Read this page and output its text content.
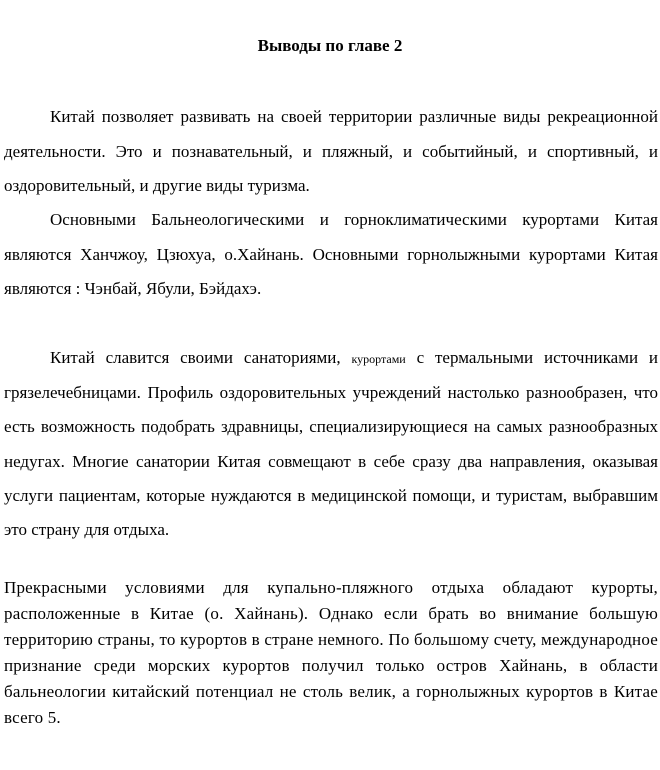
Выводы по главе 2
Китай позволяет развивать на своей территории различные виды рекреационной деятельности. Это и познавательный, и пляжный, и событийный, и спортивный, и оздоровительный, и другие виды туризма.
Основными Бальнеологическими и горноклиматическими курортами Китая являются Ханчжоу, Цзюхуа, о.Хайнань. Основными горнолыжными курортами Китая являются : Чэнбай, Ябули, Бэйдахэ.
Китай славится своими санаториями, курортами с термальными источниками и грязелечебницами. Профиль оздоровительных учреждений настолько разнообразен, что есть возможность подобрать здравницы, специализирующиеся на самых разнообразных недугах. Многие санатории Китая совмещают в себе сразу два направления, оказывая услуги пациентам, которые нуждаются в медицинской помощи, и туристам, выбравшим это страну для отдыха.
Прекрасными условиями для купально-пляжного отдыха обладают курорты, расположенные в Китае (о. Хайнань). Однако если брать во внимание большую территорию страны, то курортов в стране немного. По большому счету, международное признание среди морских курортов получил только остров Хайнань, в области бальнеологии китайский потенциал не столь велик, а горнолыжных курортов в Китае всего 5.
